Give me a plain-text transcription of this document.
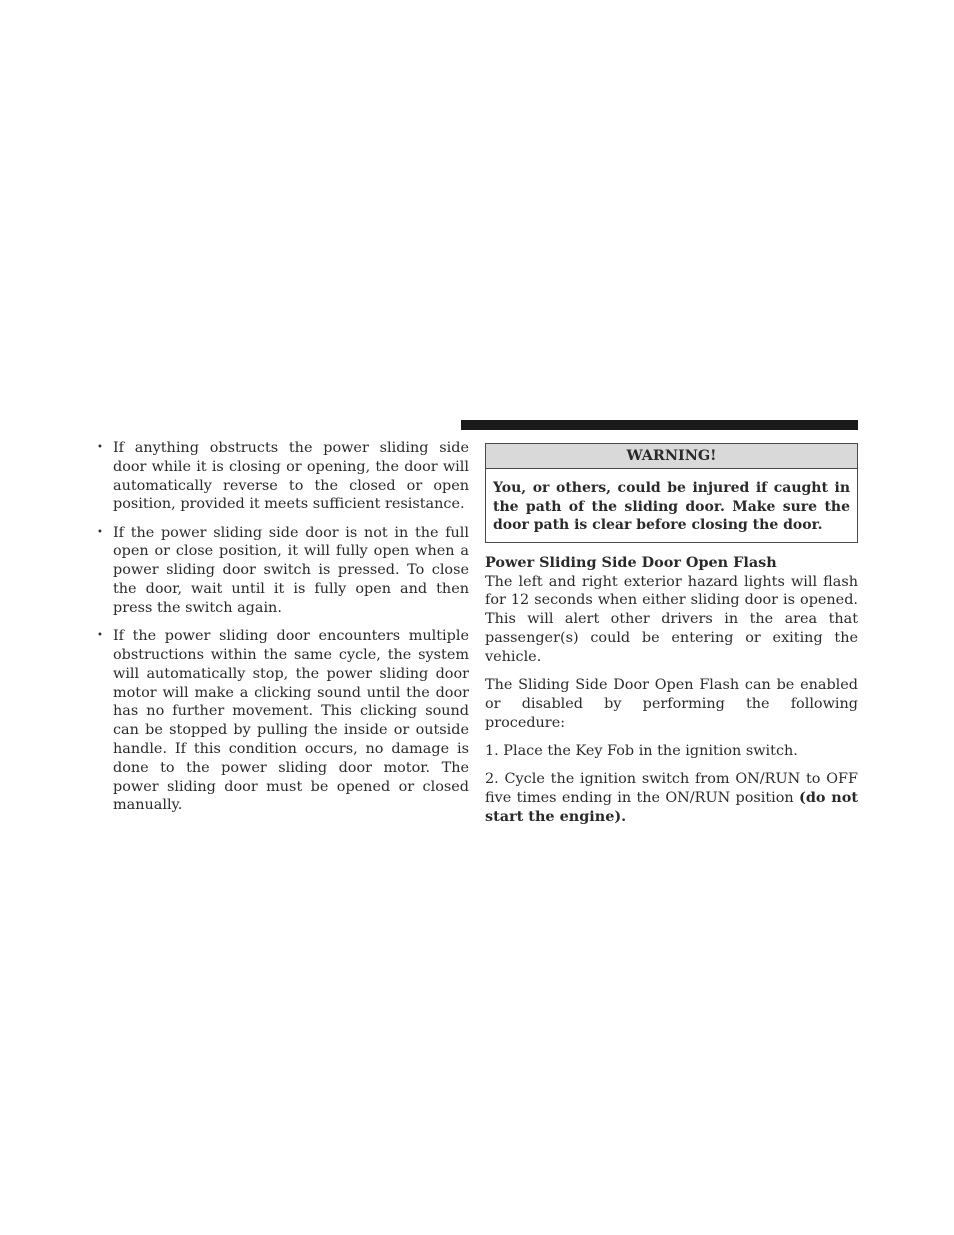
• If anything obstructs the power sliding side door while it is closing or opening, the door will automatically reverse to the closed or open position, provided it meets sufficient resistance.
• If the power sliding side door is not in the full open or close position, it will fully open when a power sliding door switch is pressed. To close the door, wait until it is fully open and then press the switch again.
• If the power sliding door encounters multiple obstructions within the same cycle, the system will automatically stop, the power sliding door motor will make a clicking sound until the door has no further movement. This clicking sound can be stopped by pulling the inside or outside handle. If this condition occurs, no damage is done to the power sliding door motor. The power sliding door must be opened or closed manually.
WARNING!
You, or others, could be injured if caught in the path of the sliding door. Make sure the door path is clear before closing the door.
Power Sliding Side Door Open Flash

The left and right exterior hazard lights will flash for 12 seconds when either sliding door is opened. This will alert other drivers in the area that passenger(s) could be entering or exiting the vehicle.

The Sliding Side Door Open Flash can be enabled or disabled by performing the following procedure:

1. Place the Key Fob in the ignition switch.

2. Cycle the ignition switch from ON/RUN to OFF five times ending in the ON/RUN position (do not start the engine).
